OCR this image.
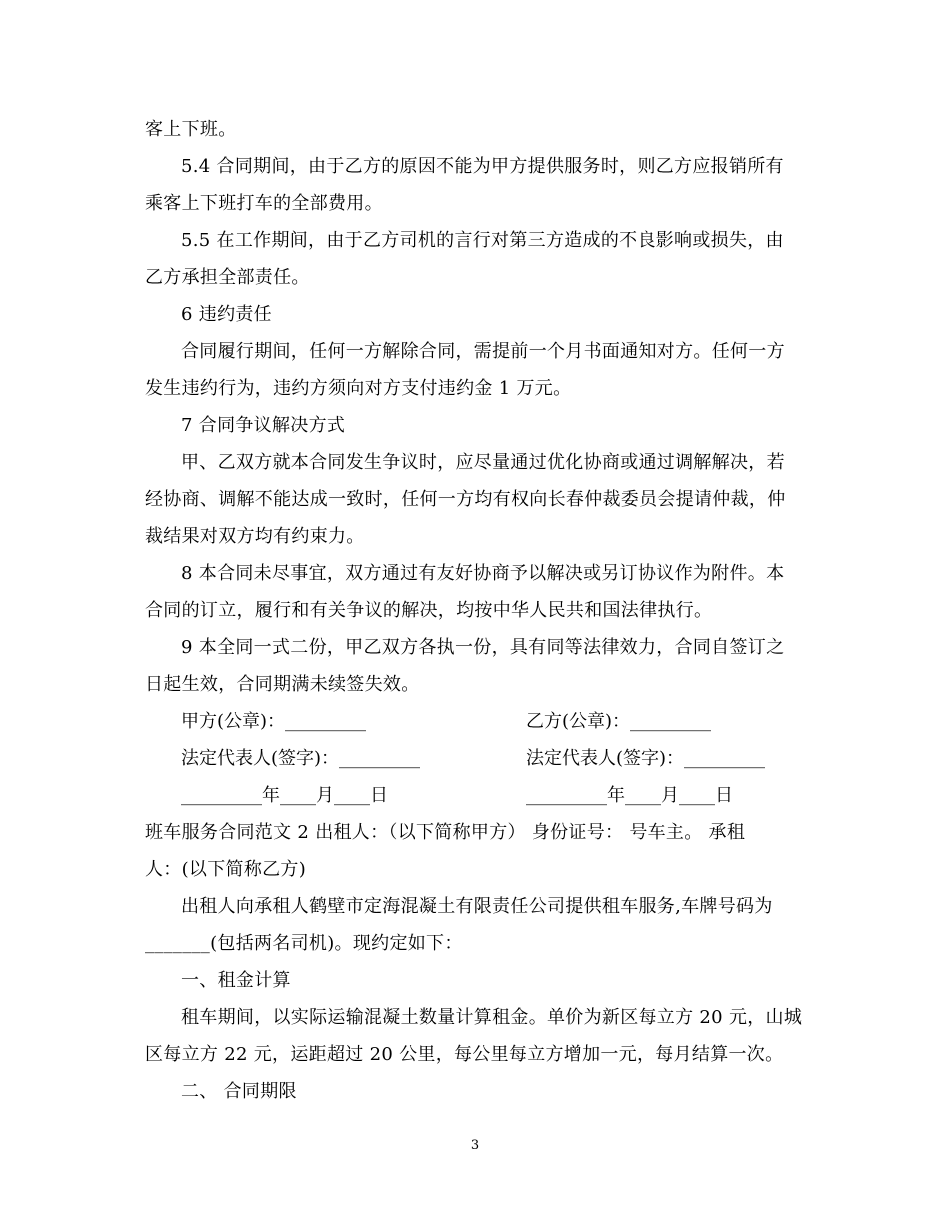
客上下班。
5.4 合同期间，由于乙方的原因不能为甲方提供服务时，则乙方应报销所有
乘客上下班打车的全部费用。
5.5 在工作期间，由于乙方司机的言行对第三方造成的不良影响或损失，由
乙方承担全部责任。
6 违约责任
合同履行期间，任何一方解除合同，需提前一个月书面通知对方。任何一方
发生违约行为，违约方须向对方支付违约金 1 万元。
7 合同争议解决方式
甲、乙双方就本合同发生争议时，应尽量通过优化协商或通过调解解决，若
经协商、调解不能达成一致时，任何一方均有权向长春仲裁委员会提请仲裁，仲
裁结果对双方均有约束力。
8 本合同未尽事宜，双方通过有友好协商予以解决或另订协议作为附件。本
合同的订立，履行和有关争议的解决，均按中华人民共和国法律执行。
9 本全同一式二份，甲乙双方各执一份，具有同等法律效力，合同自签订之
日起生效，合同期满未续签失效。
甲方(公章)：_________	乙方(公章)：_________
法定代表人(签字)：_________	法定代表人(签字)：_________
_________年____月____日	_________年____月____日
班车服务合同范文 2 出租人：（以下简称甲方） 身份证号： 号车主。 承租
人：(以下简称乙方)
出租人向承租人鹤壁市定海混凝土有限责任公司提供租车服务,车牌号码为
_______(包括两名司机)。现约定如下：
一、租金计算
租车期间，以实际运输混凝土数量计算租金。单价为新区每立方 20 元，山城
区每立方 22 元，运距超过 20 公里，每公里每立方增加一元，每月结算一次。
二、 合同期限
3
